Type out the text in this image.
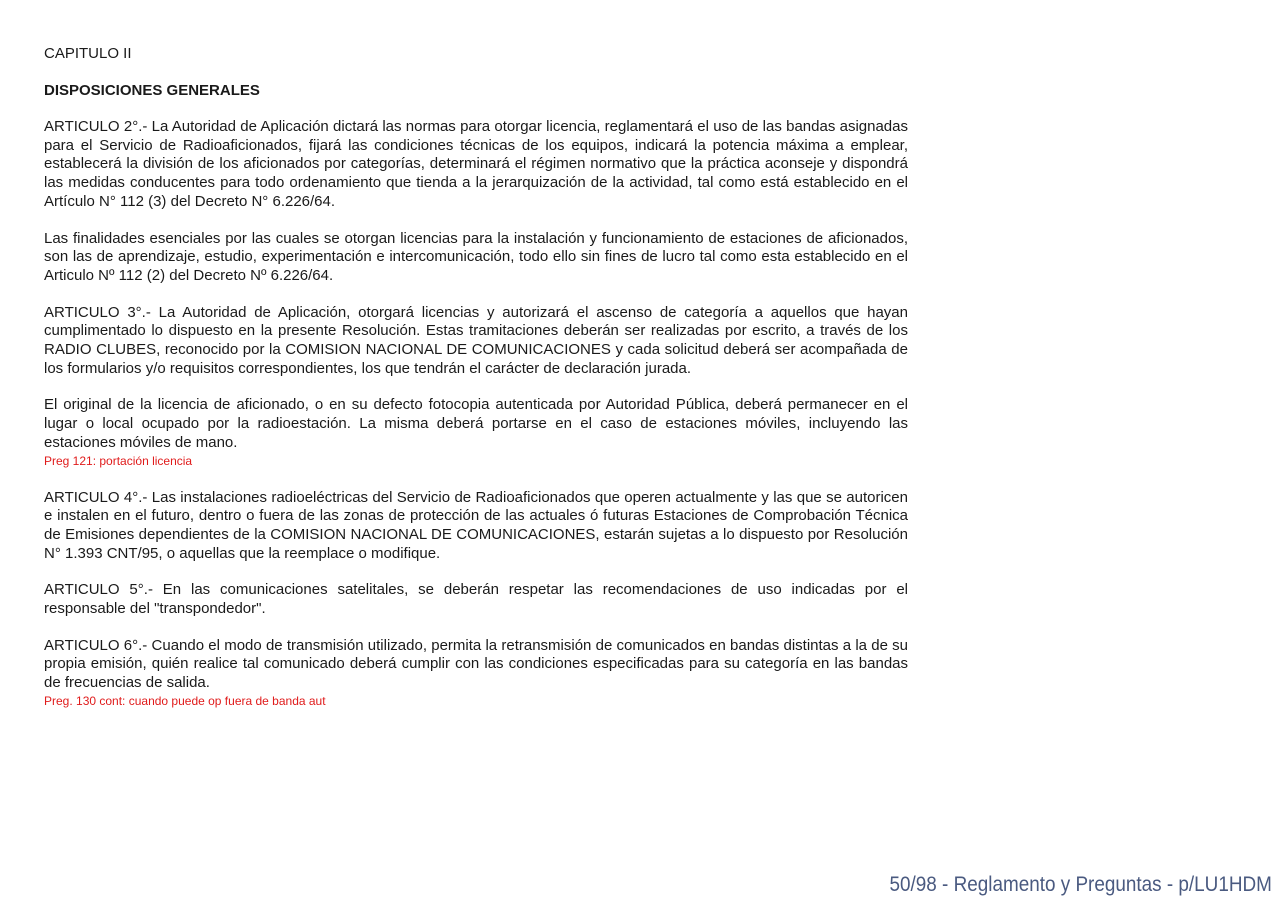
CAPITULO II
DISPOSICIONES GENERALES

ARTICULO 2°.- La Autoridad de Aplicación dictará las normas para otorgar licencia, reglamentará el uso de las bandas asignadas para el Servicio de Radioaficionados, fijará las condiciones técnicas de los equipos, indicará la potencia máxima a emplear, establecerá la división de los aficionados por categorías, determinará el régimen normativo que la práctica aconseje y dispondrá las medidas conducentes para todo ordenamiento que tienda a la jerarquización de la actividad, tal como está establecido en el Artículo N° 112 (3) del Decreto N° 6.226/64.

Las finalidades esenciales por las cuales se otorgan licencias para la instalación y funcionamiento de estaciones de aficionados, son las de aprendizaje, estudio, experimentación e intercomunicación, todo ello sin fines de lucro tal como esta establecido en el Articulo Nº 112 (2) del Decreto Nº 6.226/64.

ARTICULO 3°.- La Autoridad de Aplicación, otorgará licencias y autorizará el ascenso de categoría a aquellos que hayan cumplimentado lo dispuesto en la presente Resolución. Estas tramitaciones deberán ser realizadas por escrito, a través de los RADIO CLUBES, reconocido por la COMISION NACIONAL DE COMUNICACIONES y cada solicitud deberá ser acompañada de los formularios y/o requisitos correspondientes, los que tendrán el carácter de declaración jurada.

El original de la licencia de aficionado, o en su defecto fotocopia autenticada por Autoridad Pública, deberá permanecer en el lugar o local ocupado por la radioestación. La misma deberá portarse en el caso de estaciones móviles, incluyendo las estaciones móviles de mano.

Preg 121: portación licencia

ARTICULO 4°.- Las instalaciones radioeléctricas del Servicio de Radioaficionados que operen actualmente y las que se autoricen e instalen en el futuro, dentro o fuera de las zonas de protección de las actuales ó futuras Estaciones de Comprobación Técnica de Emisiones dependientes de la COMISION NACIONAL DE COMUNICACIONES, estarán sujetas a lo dispuesto por Resolución N° 1.393 CNT/95, o aquellas que la reemplace o modifique.

ARTICULO 5°.- En las comunicaciones satelitales, se deberán respetar las recomendaciones de uso indicadas por el responsable del "transpondedor".

ARTICULO 6°.- Cuando el modo de transmisión utilizado, permita la retransmisión de comunicados en bandas distintas a la de su propia emisión, quién realice tal comunicado deberá cumplir con las condiciones especificadas para su categoría en las bandas de frecuencias de salida.

Preg. 130 cont: cuando puede op fuera de banda aut
50/98 - Reglamento y Preguntas - p/LU1HDM
